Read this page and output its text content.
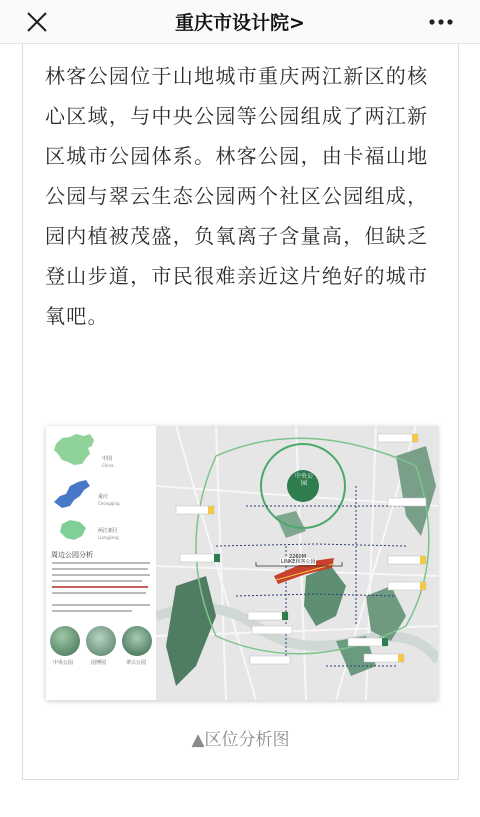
重庆市设计院>
林客公园位于山地城市重庆两江新区的核心区域，与中央公园等公园组成了两江新区城市公园体系。林客公园，由卡福山地公园与翠云生态公园两个社区公园组成，园内植被茂盛，负氧离子含量高，但缺乏登山步道，市民很难亲近这片绝好的城市氧吧。
中国
China
重庆
Chongqing
两江新区
Liangjiang
周边公园分析
中央公园	园博园	翠云公园
中央公园
LINKE林客公园
2260M
▲区位分析图
